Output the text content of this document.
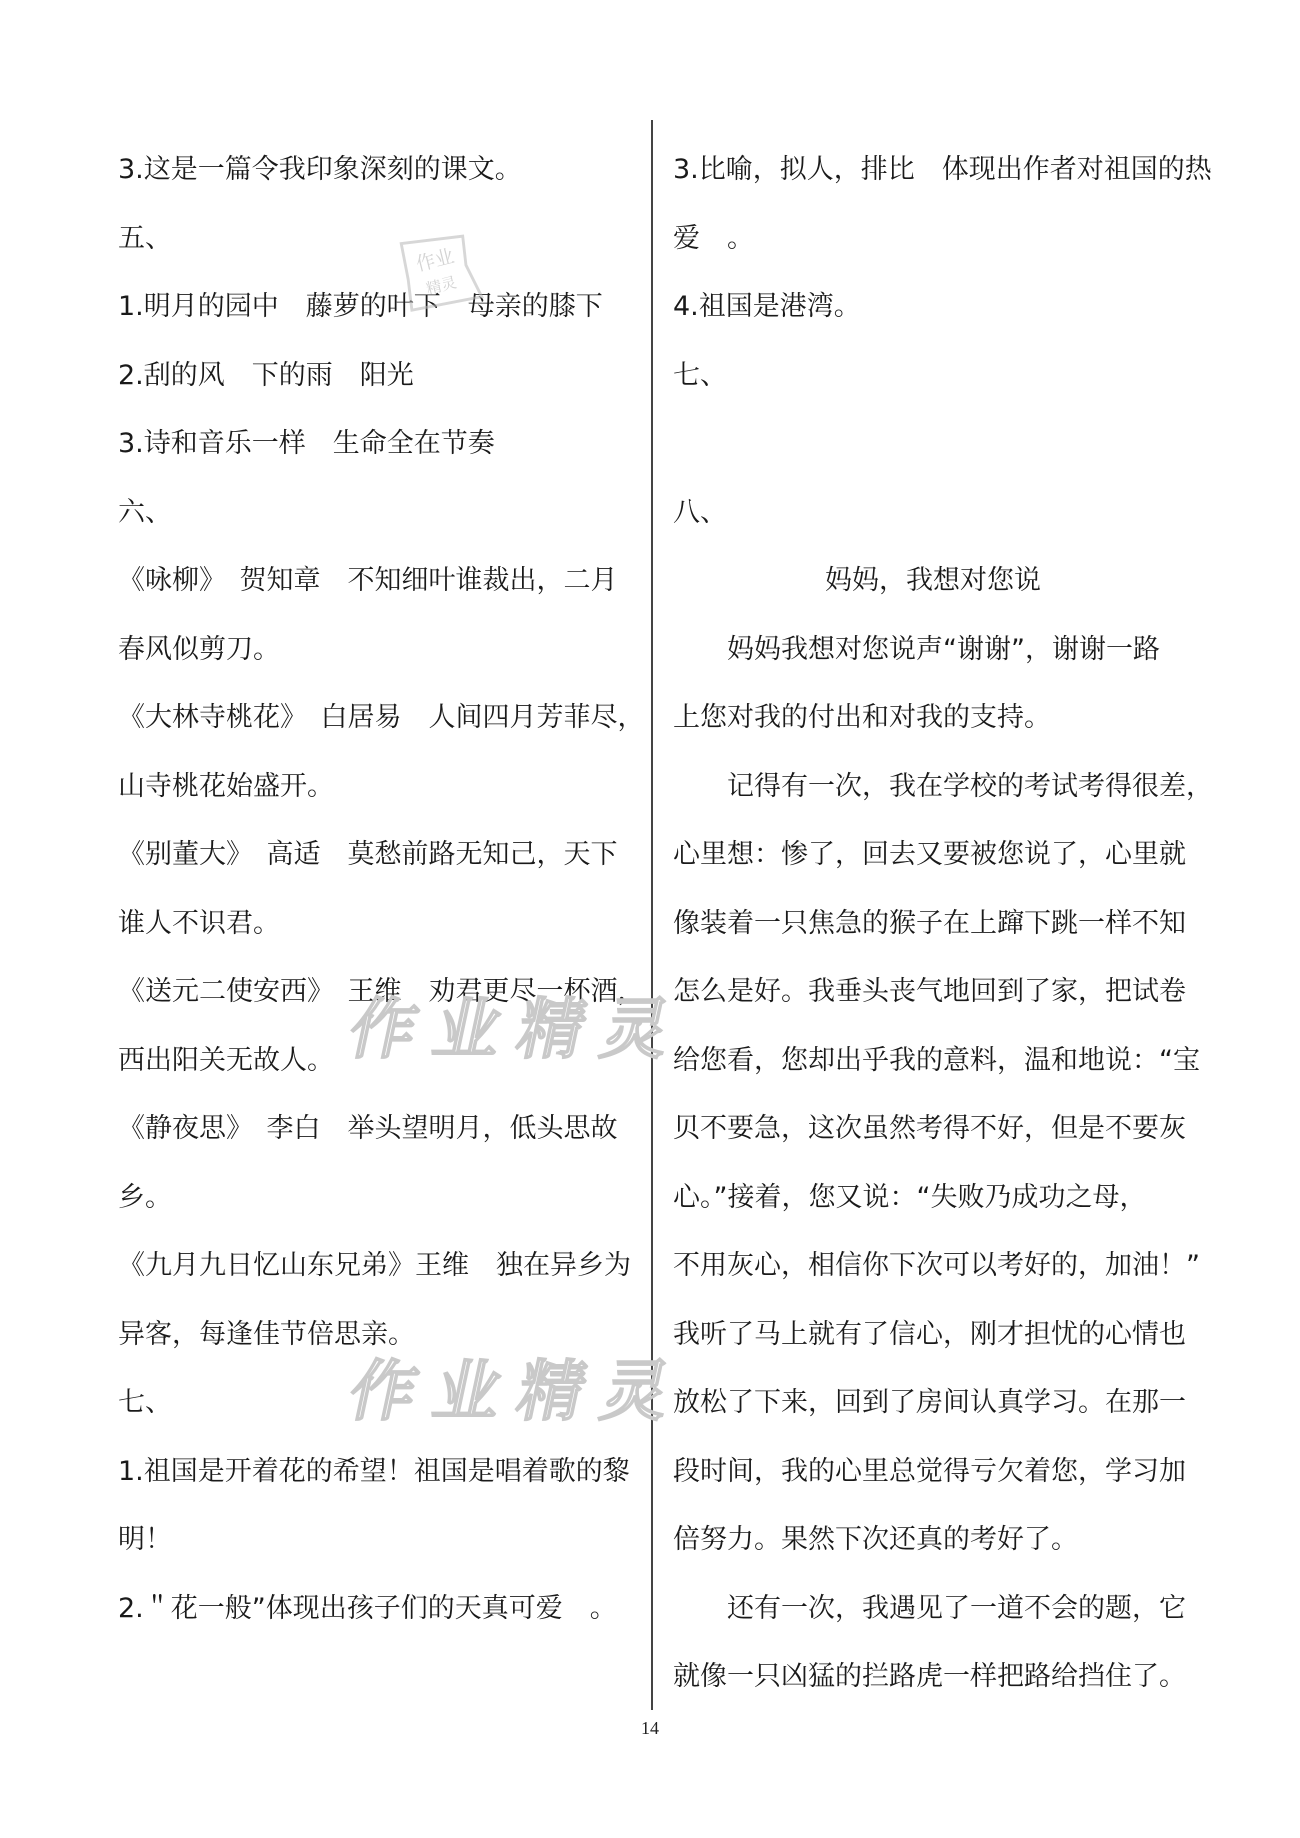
3.这是一篇令我印象深刻的课文。
五、
1.明月的园中　藤萝的叶下　母亲的膝下
2.刮的风　下的雨　阳光
3.诗和音乐一样　生命全在节奏
六、
《咏柳》　贺知章　不知细叶谁裁出，二月
春风似剪刀。
《大林寺桃花》　白居易　人间四月芳菲尽，
山寺桃花始盛开。
《别董大》　高适　莫愁前路无知己，天下
谁人不识君。
《送元二使安西》　王维　劝君更尽一杯酒，
西出阳关无故人。
《静夜思》　李白　举头望明月，低头思故
乡。
《九月九日忆山东兄弟》王维　独在异乡为
异客，每逢佳节倍思亲。
七、
1.祖国是开着花的希望！祖国是唱着歌的黎
明！
2.＂花一般”体现出孩子们的天真可爱　。
3.比喻，拟人，排比　体现出作者对祖国的热
爱　。
4.祖国是港湾。
七、
八、
妈妈，我想对您说
　　妈妈我想对您说声“谢谢”，谢谢一路
上您对我的付出和对我的支持。
　　记得有一次，我在学校的考试考得很差，
心里想：惨了，回去又要被您说了，心里就
像装着一只焦急的猴子在上蹿下跳一样不知
怎么是好。我垂头丧气地回到了家，把试卷
给您看，您却出乎我的意料，温和地说：“宝
贝不要急，这次虽然考得不好，但是不要灰
心。”接着，您又说：“失败乃成功之母，
不用灰心，相信你下次可以考好的，加油！”
我听了马上就有了信心，刚才担忧的心情也
放松了下来，回到了房间认真学习。在那一
段时间，我的心里总觉得亏欠着您，学习加
倍努力。果然下次还真的考好了。
　　还有一次，我遇见了一道不会的题，它
就像一只凶猛的拦路虎一样把路给挡住了。
作业精灵
作业精灵
作业
精灵
14
